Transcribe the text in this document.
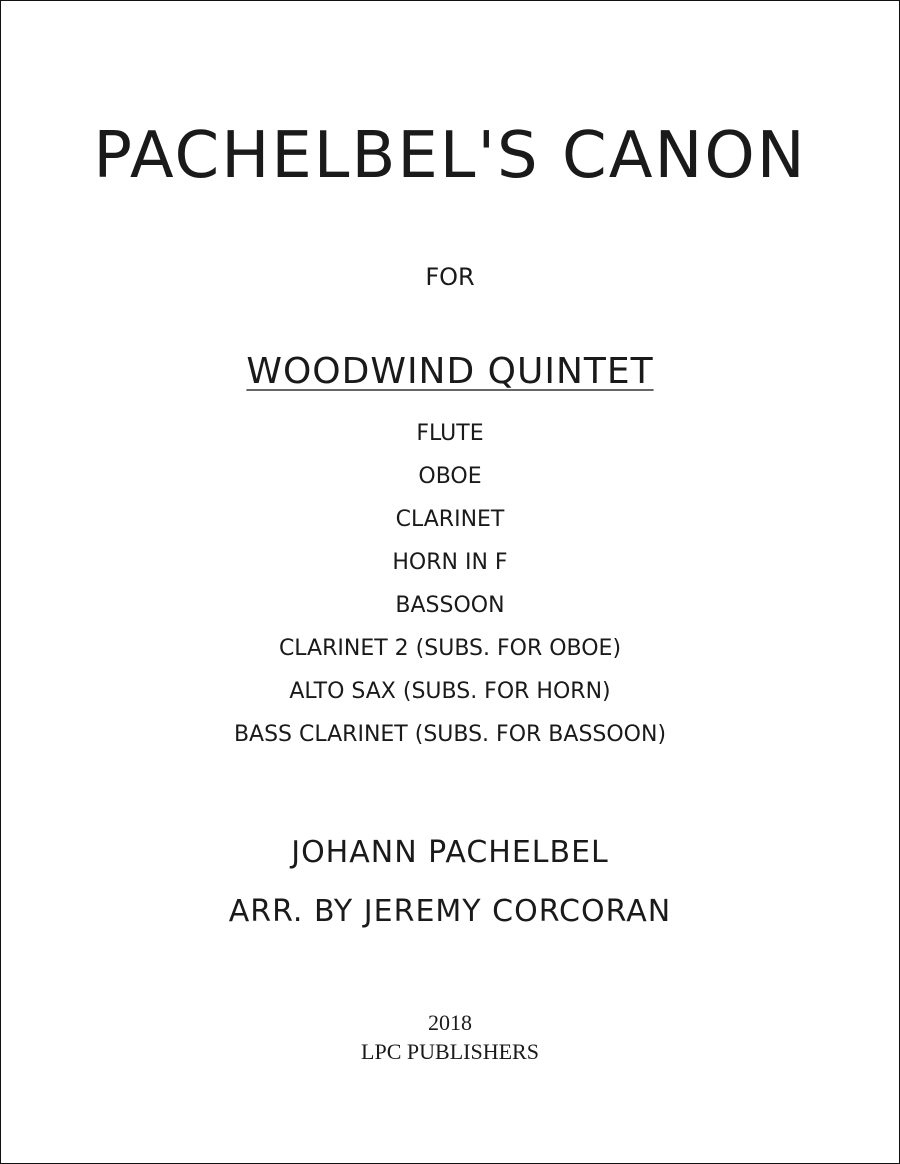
PACHELBEL'S CANON
FOR
WOODWIND QUINTET
FLUTE
OBOE
CLARINET
HORN IN F
BASSOON
CLARINET 2 (SUBS. FOR OBOE)
ALTO SAX (SUBS. FOR HORN)
BASS CLARINET (SUBS. FOR BASSOON)
JOHANN PACHELBEL
ARR. BY JEREMY CORCORAN
2018
LPC PUBLISHERS
